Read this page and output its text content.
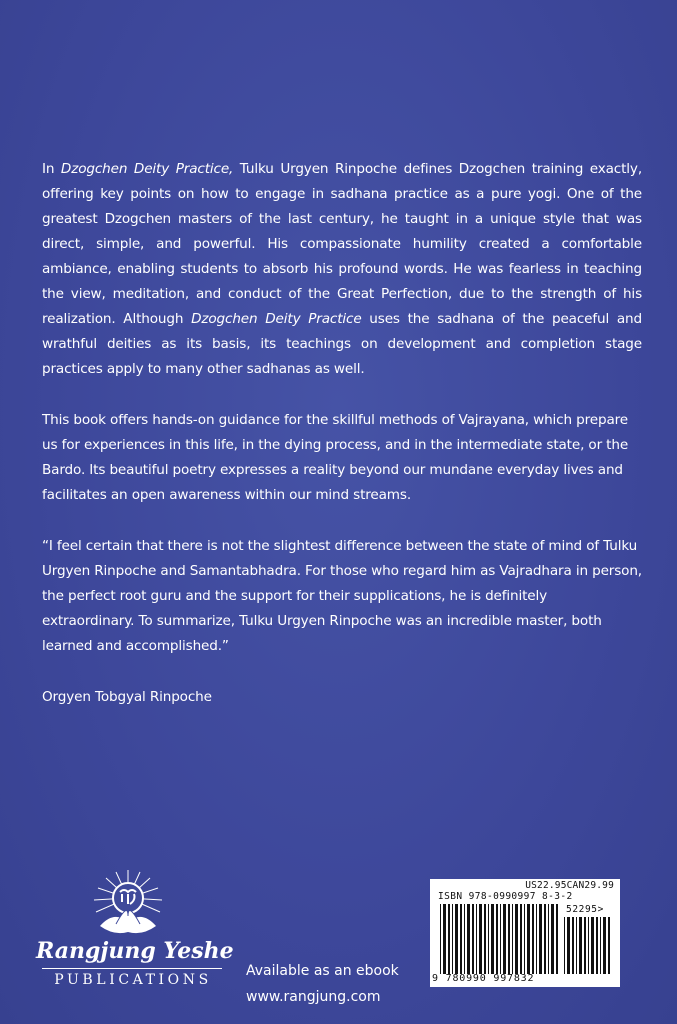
In Dzogchen Deity Practice, Tulku Urgyen Rinpoche defines Dzogchen training exactly, offering key points on how to engage in sadhana practice as a pure yogi. One of the greatest Dzogchen masters of the last century, he taught in a unique style that was direct, simple, and powerful. His compassionate humility created a comfortable ambiance, enabling students to absorb his profound words. He was fearless in teaching the view, meditation, and conduct of the Great Perfection, due to the strength of his realization. Although Dzogchen Deity Practice uses the sadhana of the peaceful and wrathful deities as its basis, its teachings on development and completion stage practices apply to many other sadhanas as well.

This book offers hands-on guidance for the skillful methods of Vajrayana, which prepare us for experiences in this life, in the dying process, and in the intermediate state, or the Bardo. Its beautiful poetry expresses a reality beyond our mundane everyday lives and facilitates an open awareness within our mind streams.

“I feel certain that there is not the slightest difference between the state of mind of Tulku Urgyen Rinpoche and Samantabhadra. For those who regard him as Vajradhara in person, the perfect root guru and the support for their supplications, he is definitely extraordinary. To summarize, Tulku Urgyen Rinpoche was an incredible master, both learned and accomplished.”

Orgyen Tobgyal Rinpoche

Rangjung Yeshe
PUBLICATIONS
Available as an ebook
www.rangjung.com
US22.95CAN29.99
ISBN 978-0990997 8-3-2
52295>
9 780990 997832
